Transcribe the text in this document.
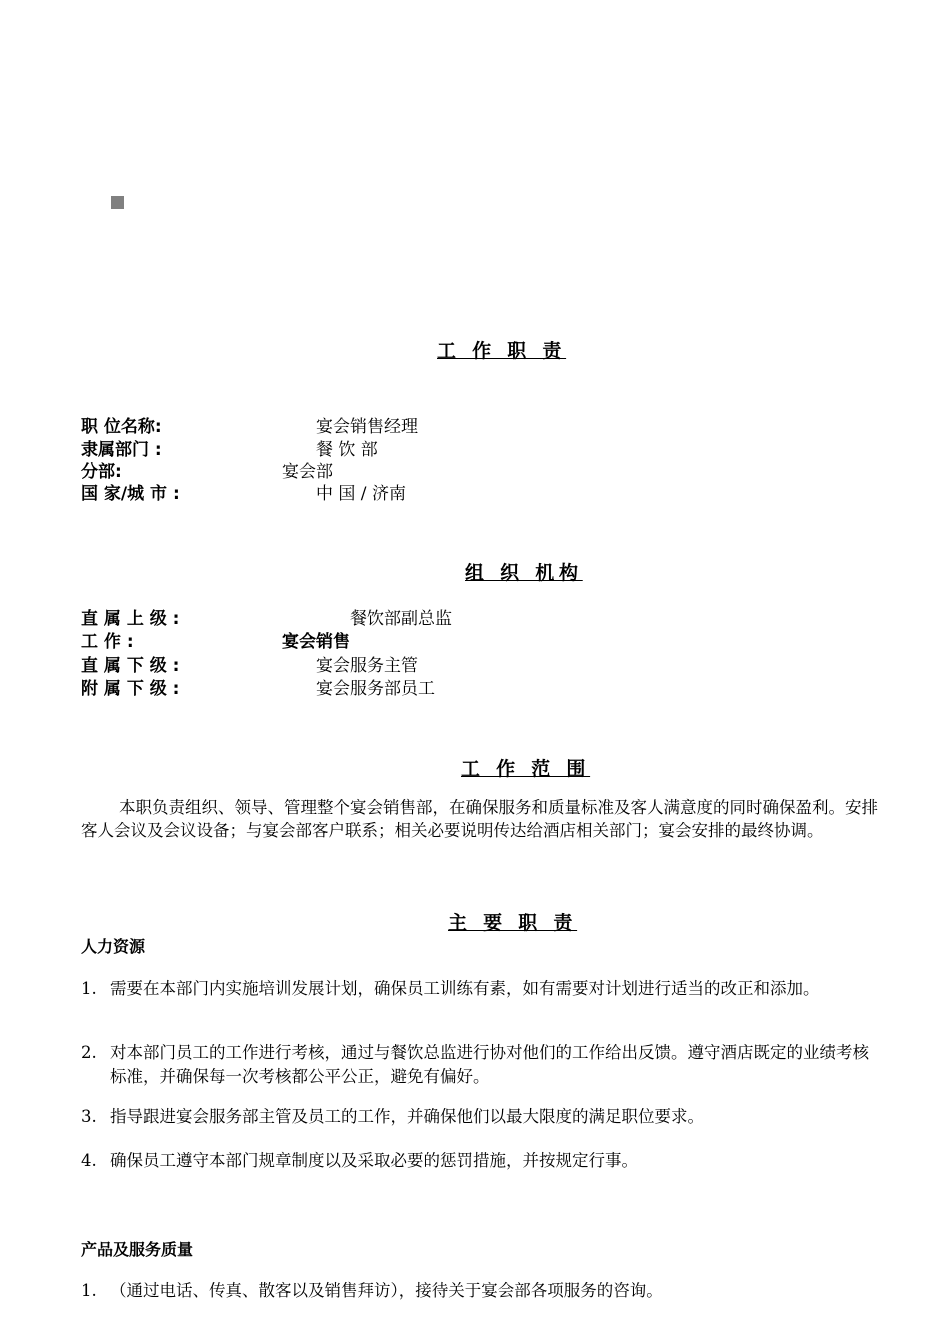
工 作 职 责
职 位名称:	宴会销售经理
隶属部门 :	餐 饮 部
分部:	宴会部
国 家/城 市 :	中 国 / 济南
组 织 机构
直 属 上 级 :	餐饮部副总监
工 作 :	宴会销售
直 属 下 级 :	宴会服务主管
附 属 下 级 :	宴会服务部员工
工 作 范 围
本职负责组织、领导、管理整个宴会销售部，在确保服务和质量标准及客人满意度的同时确保盈利。安排客人会议及会议设备；与宴会部客户联系；相关必要说明传达给酒店相关部门；宴会安排的最终协调。
主 要 职 责
人力资源
1. 需要在本部门内实施培训发展计划，确保员工训练有素，如有需要对计划进行适当的改正和添加。
2. 对本部门员工的工作进行考核，通过与餐饮总监进行协对他们的工作给出反馈。遵守酒店既定的业绩考核标准，并确保每一次考核都公平公正，避免有偏好。
3. 指导跟进宴会服务部主管及员工的工作，并确保他们以最大限度的满足职位要求。
4. 确保员工遵守本部门规章制度以及采取必要的惩罚措施，并按规定行事。
产品及服务质量
1. （通过电话、传真、散客以及销售拜访），接待关于宴会部各项服务的咨询。
